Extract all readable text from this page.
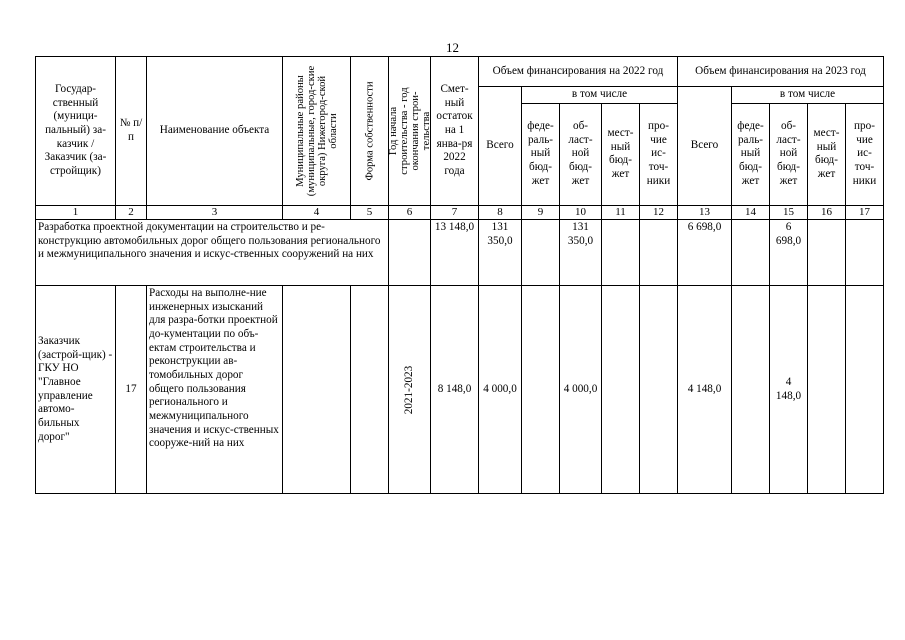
12
Государ-ственный (муници-пальный) за-казчик / Заказчик (за-стройщик)	№ п/п	Наименование объекта	Муниципальные районы (муниципальные, город-ские округа) Нижегород-ской области	Форма собственности	Год начала строительства - год окончания строи-тельства	Смет-ный остаток на 1 янва-ря 2022 года	Объем финансирования на 2022 год					Объем финансирования на 2023 год				
							Всего	в том числе				Всего	в том числе			
								феде-раль-ный бюд-жет	об-ласт-ной бюд-жет	мест-ный бюд-жет	про-чие ис-точ-ники		феде-раль-ный бюд-жет	об-ласт-ной бюд-жет	мест-ный бюд-жет	про-чие ис-точ-ники
1	2	3	4	5	6	7	8	9	10	11	12	13	14	15	16	17
Разработка проектной документации на строительство и ре-конструкцию автомобильных дорог общего пользования регионального и межмуниципального значения и искус-ственных сооружений на них						13 148,0	131 350,0		131 350,0			6 698,0		6 698,0		
Заказчик (застрой-щик) - ГКУ НО "Главное управление автомо-бильных дорог"	17	Расходы на выполне-ние инженерных изысканий для разра-ботки проектной до-кументации по объ-ектам строительства и реконструкции ав-томобильных дорог общего пользования регионального и межмуниципального значения и искус-ственных сооруже-ний на них			2021-2023	8 148,0	4 000,0		4 000,0			4 148,0		4 148,0		
